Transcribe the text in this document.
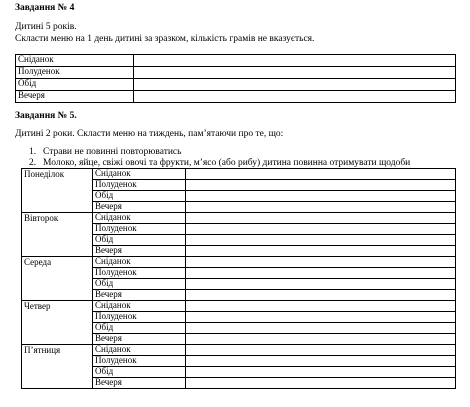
Завдання № 4
Дитині 5 років.
Скласти меню на 1 день дитині за зразком, кількість грамів не вказується.
Сніданок	
Полуденок	
Обід	
Вечеря	
Завдання № 5.
Дитині 2 роки. Скласти меню на тиждень, пам’ятаючи про те, що:
1. Страви не повинні повторюватись
2. Молоко, яйце, свіжі овочі та фрукти, м’ясо (або рибу) дитина повинна отримувати щодоби
Понеділок	Сніданок	
	Полуденок	
	Обід	
	Вечеря	
Вівторок	Сніданок	
	Полуденок	
	Обід	
	Вечеря	
Середа	Сніданок	
	Полуденок	
	Обід	
	Вечеря	
Четвер	Сніданок	
	Полуденок	
	Обід	
	Вечеря	
П’ятниця	Сніданок	
	Полуденок	
	Обід	
	Вечеря	
